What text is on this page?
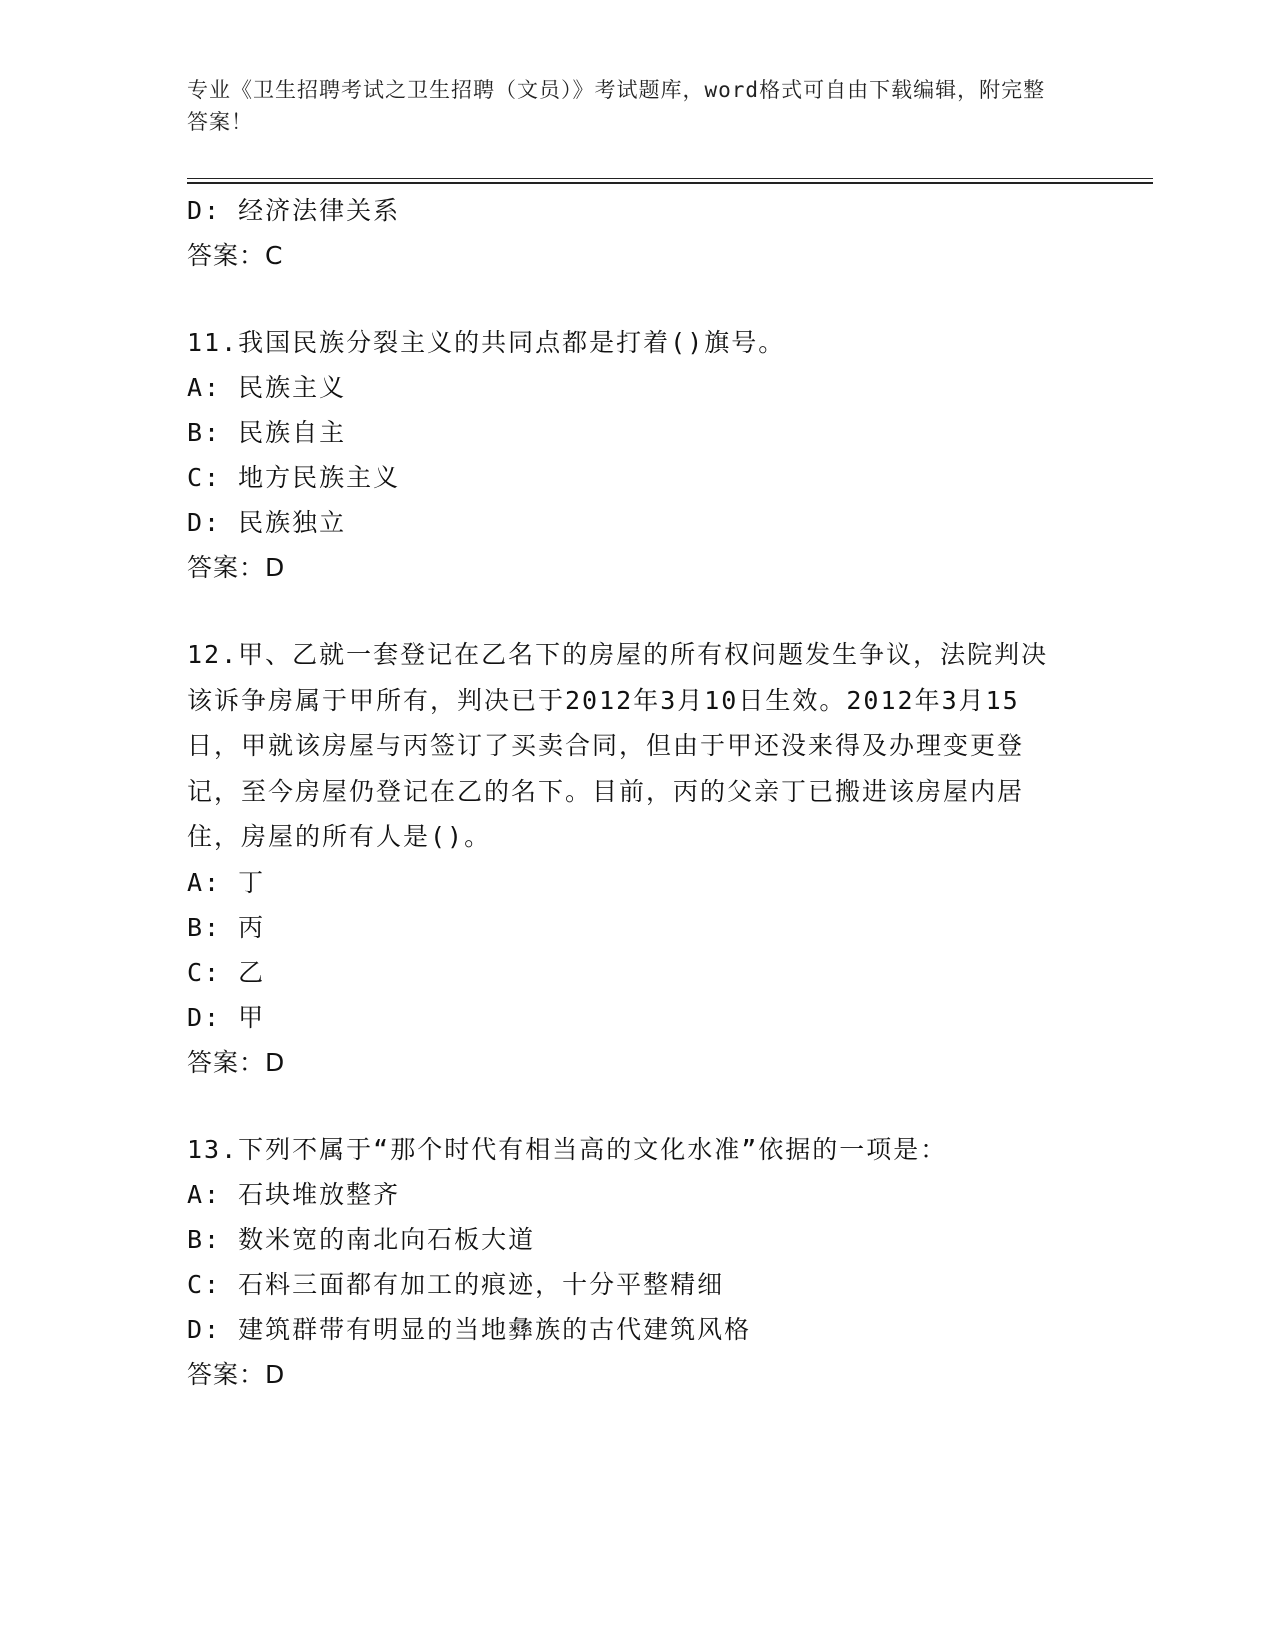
专业《卫生招聘考试之卫生招聘（文员）》考试题库，word格式可自由下载编辑，附完整答案！
D: 经济法律关系
答案：C
11.我国民族分裂主义的共同点都是打着()旗号。
A: 民族主义
B: 民族自主
C: 地方民族主义
D: 民族独立
答案：D
12.甲、乙就一套登记在乙名下的房屋的所有权问题发生争议，法院判决该诉争房属于甲所有，判决已于2012年3月10日生效。2012年3月15日，甲就该房屋与丙签订了买卖合同，但由于甲还没来得及办理变更登记，至今房屋仍登记在乙的名下。目前，丙的父亲丁已搬进该房屋内居住，房屋的所有人是()。
A: 丁
B: 丙
C: 乙
D: 甲
答案：D
13.下列不属于“那个时代有相当高的文化水准”依据的一项是：
A: 石块堆放整齐
B: 数米宽的南北向石板大道
C: 石料三面都有加工的痕迹，十分平整精细
D: 建筑群带有明显的当地彝族的古代建筑风格
答案：D
